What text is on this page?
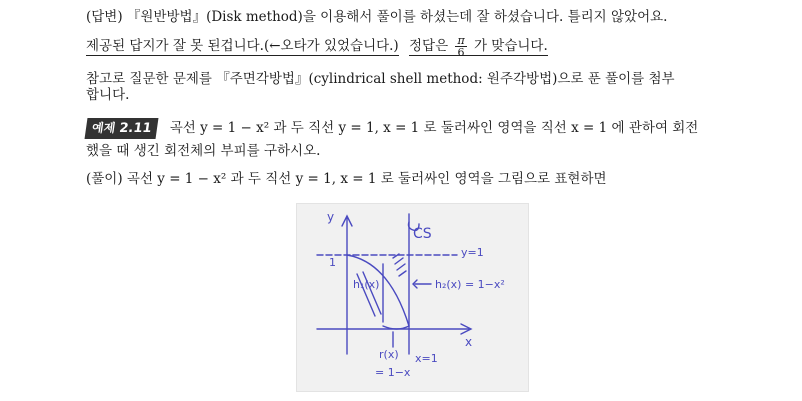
(답변) 『원반방법』(Disk method)을 이용해서 풀이를 하셨는데 잘 하셨습니다. 틀리지 않았어요.
제공된 답지가 잘 못 된겁니다.(←오타가 있었습니다.) 정답은 $\frac{\pi}{6}$ 가 맞습니다.
참고로 질문한 문제를 『주면각방법』(cylindrical shell method: 원주각방법)으로 푼 풀이를 첨부
합니다.
예제 2.11 곡선 y = 1 − x² 과 두 직선 y = 1, x = 1 로 둘러싸인 영역을 직선 x = 1 에 관하여 회전
했을 때 생긴 회전체의 부피를 구하시오.
(풀이) 곡선 y = 1 − x² 과 두 직선 y = 1, x = 1 로 둘러싸인 영역을 그림으로 표현하면
y
x
CS
y=1
1
h₁(x)	h₂(x) = 1−x²
r(x)
= 1−x
x=1
